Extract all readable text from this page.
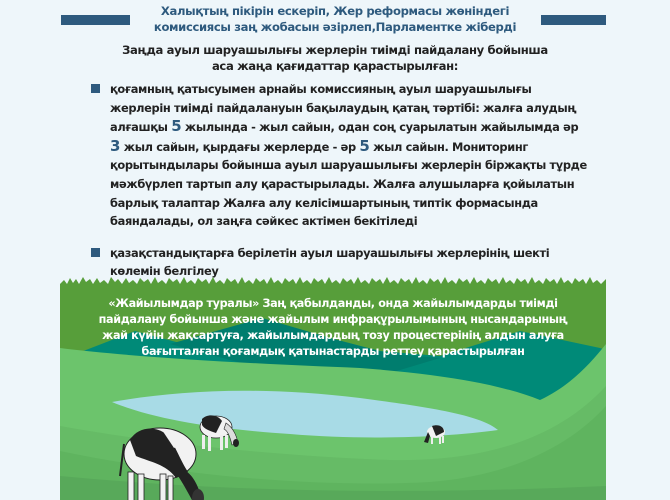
Халықтың пікірін ескеріп, Жер реформасы жөніндегі
комиссиясы заң жобасын әзірлеп,Парламентке жіберді
Заңда ауыл шаруашылығы жерлерін тиімді пайдалану бойынша
аса жаңа қағидаттар қарастырылған:
қоғамның қатысуымен арнайы комиссияның ауыл шаруашылығы жерлерін тиімді пайдалануын бақылаудың қатаң тәртібі: жалға алудың алғашқы 5 жылында - жыл сайын, одан соң суарылатын жайылымда әр 3 жыл сайын, қырдағы жерлерде - әр 5 жыл сайын. Мониторинг қорытындылары бойынша ауыл шаруашылығы жерлерін біржақты тұрде мәжбүрлеп тартып алу қарастырылады. Жалға алушыларға қойылатын барлық талаптар Жалға алу келісімшартының типтік формасында баяндалады, ол заңға сәйкес актімен бекітіледі
қазақстандықтарға берілетін ауыл шаруашылығы жерлерінің шекті көлемін белгілеу
«Жайылымдар туралы» Заң қабылданды, онда жайылымдарды тиімді
пайдалану бойынша және жайылым инфрақұрылымының нысандарының
жай күйін жақсартуға, жайылымдардың тозу процестерінің алдын алуға
бағытталған қоғамдық қатынастарды реттеу қарастырылған
